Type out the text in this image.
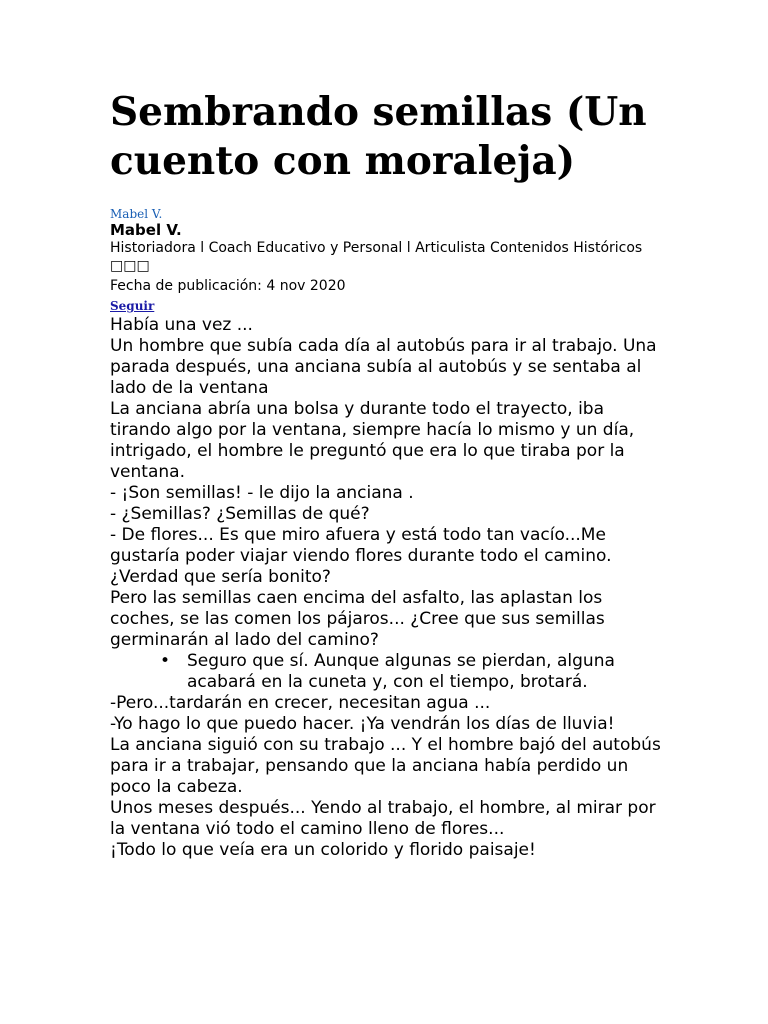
Sembrando semillas (Un cuento con moraleja)
Mabel V.

Mabel V.

Historiadora l Coach Educativo y Personal l Articulista Contenidos Históricos □□□

Fecha de publicación: 4 nov 2020

Seguir

Había una vez ...

Un hombre que subía cada día al autobús para ir al trabajo. Una parada después, una anciana subía al autobús y se sentaba al lado de la ventana

La anciana abría una bolsa y durante todo el trayecto, iba tirando algo por la ventana, siempre hacía lo mismo y un día, intrigado, el hombre le preguntó que era lo que tiraba por la ventana.

- ¡Son semillas! - le dijo la anciana .

- ¿Semillas? ¿Semillas de qué?

- De flores... Es que miro afuera y está todo tan vacío...Me gustaría poder viajar viendo flores durante todo el camino. ¿Verdad que sería bonito?

Pero las semillas caen encima del asfalto, las aplastan los coches, se las comen los pájaros... ¿Cree que sus semillas germinarán al lado del camino?

• Seguro que sí. Aunque algunas se pierdan, alguna acabará en la cuneta y, con el tiempo, brotará.

-Pero...tardarán en crecer, necesitan agua ...

-Yo hago lo que puedo hacer. ¡Ya vendrán los días de lluvia!

La anciana siguió con su trabajo ... Y el hombre bajó del autobús para ir a trabajar, pensando que la anciana había perdido un poco la cabeza.

Unos meses después... Yendo al trabajo, el hombre, al mirar por la ventana vió todo el camino lleno de flores...

¡Todo lo que veía era un colorido y florido paisaje!
